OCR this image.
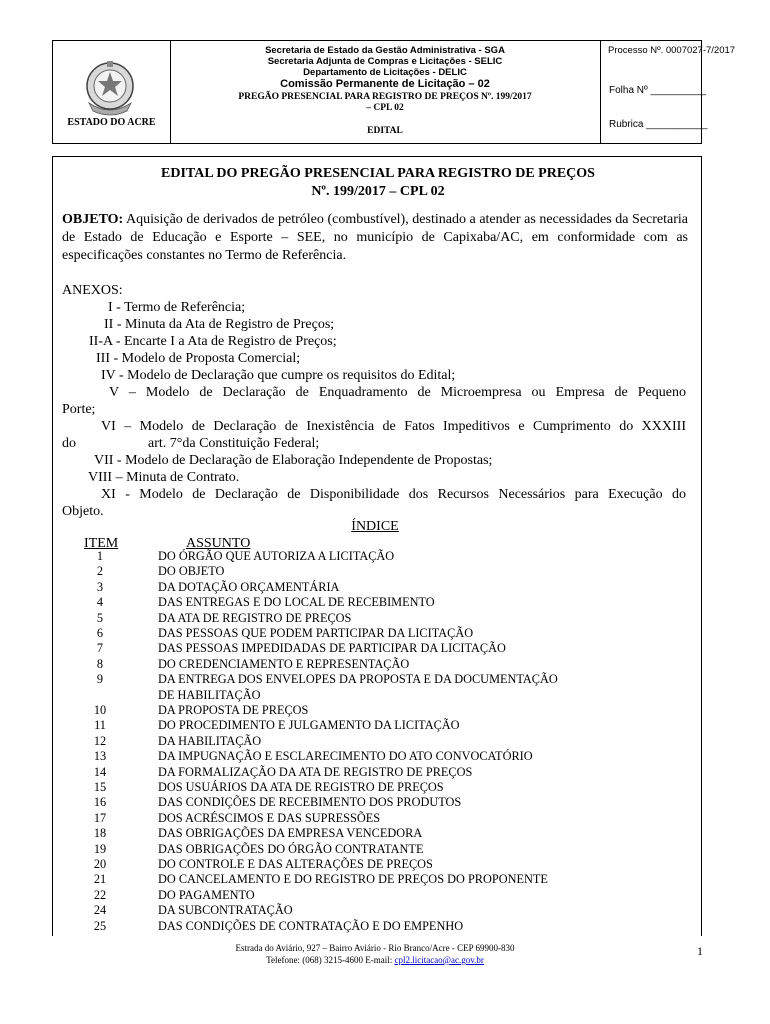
ESTADO DO ACRE
Secretaria de Estado da Gestão Administrativa - SGA
Secretaria Adjunta de Compras e Licitações - SELIC
Departamento de Licitações - DELIC
Comissão Permanente de Licitação – 02
PREGÃO PRESENCIAL PARA REGISTRO DE PREÇOS Nº. 199/2017
– CPL 02
EDITAL
Processo Nº. 0007027-7/2017
Folha Nº __________
Rubrica ___________
EDITAL DO PREGÃO PRESENCIAL PARA REGISTRO DE PREÇOS
Nº. 199/2017 – CPL 02

OBJETO: Aquisição de derivados de petróleo (combustível), destinado a atender as necessidades da Secretaria de Estado de Educação e Esporte – SEE, no município de Capixaba/AC, em conformidade com as especificações constantes no Termo de Referência.

ANEXOS:
I - Termo de Referência;
II - Minuta da Ata de Registro de Preços;
II-A - Encarte I a Ata de Registro de Preços;
III - Modelo de Proposta Comercial;
IV - Modelo de Declaração que cumpre os requisitos do Edital;
V – Modelo de Declaração de Enquadramento de Microempresa ou Empresa de Pequeno
Porte;
VI – Modelo de Declaração de Inexistência de Fatos Impeditivos e Cumprimento do XXXIII
do	art. 7°da Constituição Federal;
VII - Modelo de Declaração de Elaboração Independente de Propostas;
VIII – Minuta de Contrato.
XI - Modelo de Declaração de Disponibilidade dos Recursos Necessários para Execução do
Objeto.
ÍNDICE
ITEM	ASSUNTO
1	DO ÓRGÃO QUE AUTORIZA A LICITAÇÃO
2	DO OBJETO
3	DA DOTAÇÃO ORÇAMENTÁRIA
4	DAS ENTREGAS E DO LOCAL DE RECEBIMENTO
5	DA ATA DE REGISTRO DE PREÇOS
6	DAS PESSOAS QUE PODEM PARTICIPAR DA LICITAÇÃO
7	DAS PESSOAS IMPEDIDADAS DE PARTICIPAR DA LICITAÇÃO
8	DO CREDENCIAMENTO E REPRESENTAÇÃO
9	DA ENTREGA DOS ENVELOPES DA PROPOSTA E DA DOCUMENTAÇÃO
DE HABILITAÇÃO
10	DA PROPOSTA DE PREÇOS
11	DO PROCEDIMENTO E JULGAMENTO DA LICITAÇÃO
12	DA HABILITAÇÃO
13	DA IMPUGNAÇÃO E ESCLARECIMENTO DO ATO CONVOCATÓRIO
14	DA FORMALIZAÇÃO DA ATA DE REGISTRO DE PREÇOS
15	DOS USUÁRIOS DA ATA DE REGISTRO DE PREÇOS
16	DAS CONDIÇÕES DE RECEBIMENTO DOS PRODUTOS
17	DOS ACRÉSCIMOS E DAS SUPRESSÕES
18	DAS OBRIGAÇÕES DA EMPRESA VENCEDORA
19	DAS OBRIGAÇÕES DO ÓRGÃO CONTRATANTE
20	DO CONTROLE E DAS ALTERAÇÕES DE PREÇOS
21	DO CANCELAMENTO E DO REGISTRO DE PREÇOS DO PROPONENTE
22	DO PAGAMENTO
24	DA SUBCONTRATAÇÃO
25	DAS CONDIÇÕES DE CONTRATAÇÃO E DO EMPENHO
Estrada do Aviário, 927 – Bairro Aviário - Rio Branco/Acre - CEP 69900-830
Telefone: (068) 3215-4600 E-mail: cpl2.licitacao@ac.gov.br
1
